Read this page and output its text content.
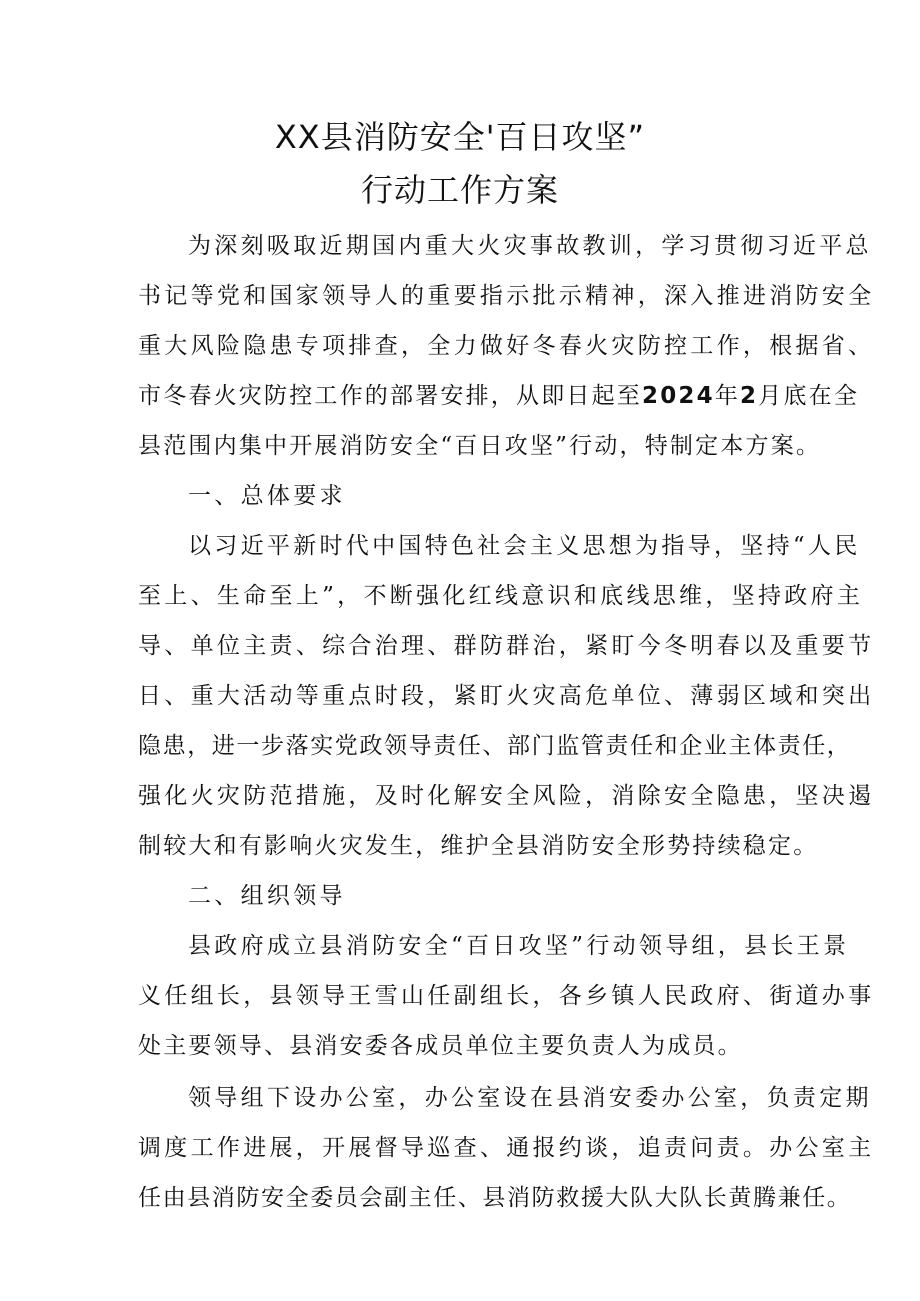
XX县消防安全'百日攻坚”
行动工作方案
为深刻吸取近期国内重大火灾事故教训，学习贯彻习近平总
书记等党和国家领导人的重要指示批示精神，深入推进消防安全
重大风险隐患专项排查，全力做好冬春火灾防控工作，根据省、
市冬春火灾防控工作的部署安排，从即日起至2024年2月底在全
县范围内集中开展消防安全“百日攻坚”行动，特制定本方案。
一、总体要求
以习近平新时代中国特色社会主义思想为指导，坚持“人民
至上、生命至上”，不断强化红线意识和底线思维，坚持政府主
导、单位主责、综合治理、群防群治，紧盯今冬明春以及重要节
日、重大活动等重点时段，紧盯火灾高危单位、薄弱区域和突出
隐患，进一步落实党政领导责任、部门监管责任和企业主体责任，
强化火灾防范措施，及时化解安全风险，消除安全隐患，坚决遏
制较大和有影响火灾发生，维护全县消防安全形势持续稳定。
二、组织领导
县政府成立县消防安全“百日攻坚”行动领导组，县长王景
义任组长，县领导王雪山任副组长，各乡镇人民政府、街道办事
处主要领导、县消安委各成员单位主要负责人为成员。
领导组下设办公室，办公室设在县消安委办公室，负责定期
调度工作进展，开展督导巡查、通报约谈，追责问责。办公室主
任由县消防安全委员会副主任、县消防救援大队大队长黄腾兼任。
